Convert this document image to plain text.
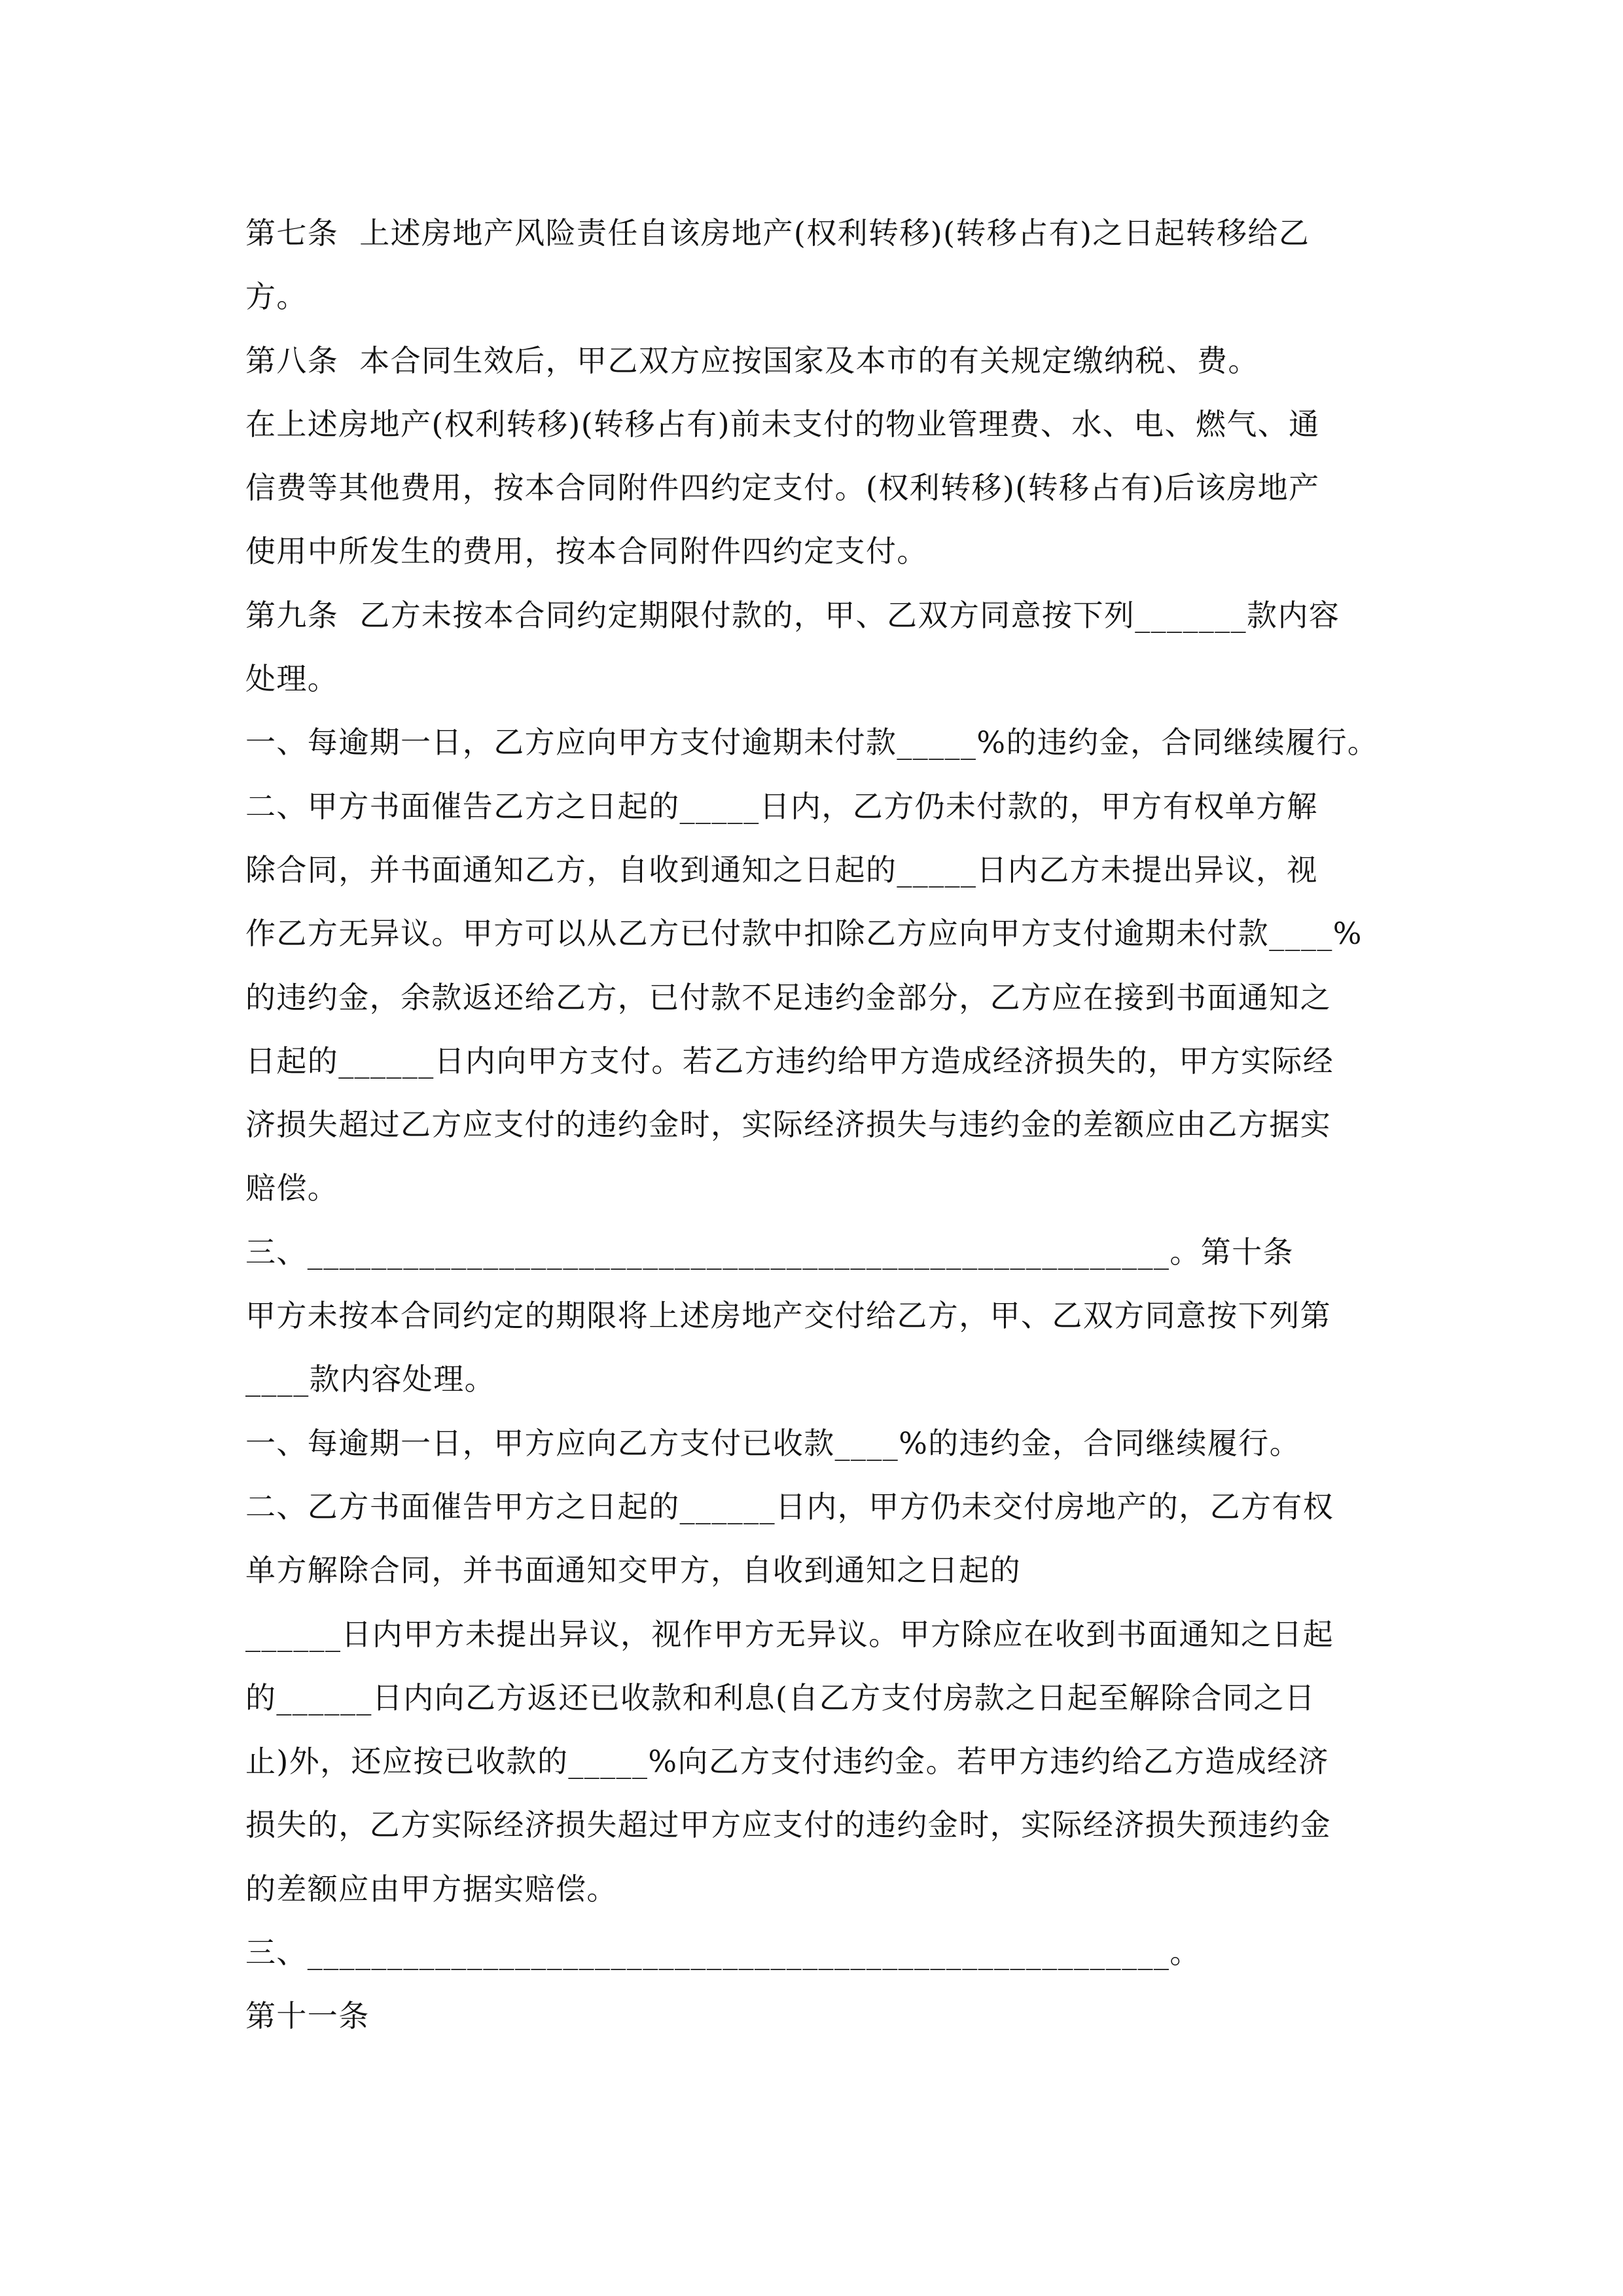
第七条  上述房地产风险责任自该房地产(权利转移)(转移占有)之日起转移给乙
方。
第八条  本合同生效后，甲乙双方应按国家及本市的有关规定缴纳税、费。
在上述房地产(权利转移)(转移占有)前未支付的物业管理费、水、电、燃气、通
信费等其他费用，按本合同附件四约定支付。(权利转移)(转移占有)后该房地产
使用中所发生的费用，按本合同附件四约定支付。
第九条  乙方未按本合同约定期限付款的，甲、乙双方同意按下列_______款内容
处理。
一、每逾期一日，乙方应向甲方支付逾期未付款_____%的违约金，合同继续履行。
二、甲方书面催告乙方之日起的_____日内，乙方仍未付款的，甲方有权单方解
除合同，并书面通知乙方，自收到通知之日起的_____日内乙方未提出异议，视
作乙方无异议。甲方可以从乙方已付款中扣除乙方应向甲方支付逾期未付款____%
的违约金，余款返还给乙方，已付款不足违约金部分，乙方应在接到书面通知之
日起的______日内向甲方支付。若乙方违约给甲方造成经济损失的，甲方实际经
济损失超过乙方应支付的违约金时，实际经济损失与违约金的差额应由乙方据实
赔偿。
三、______________________________________________________。第十条
甲方未按本合同约定的期限将上述房地产交付给乙方，甲、乙双方同意按下列第
____款内容处理。
一、每逾期一日，甲方应向乙方支付已收款____%的违约金，合同继续履行。
二、乙方书面催告甲方之日起的______日内，甲方仍未交付房地产的，乙方有权
单方解除合同，并书面通知交甲方，自收到通知之日起的
______日内甲方未提出异议，视作甲方无异议。甲方除应在收到书面通知之日起
的______日内向乙方返还已收款和利息(自乙方支付房款之日起至解除合同之日
止)外，还应按已收款的_____%向乙方支付违约金。若甲方违约给乙方造成经济
损失的，乙方实际经济损失超过甲方应支付的违约金时，实际经济损失预违约金
的差额应由甲方据实赔偿。
三、______________________________________________________。
第十一条
